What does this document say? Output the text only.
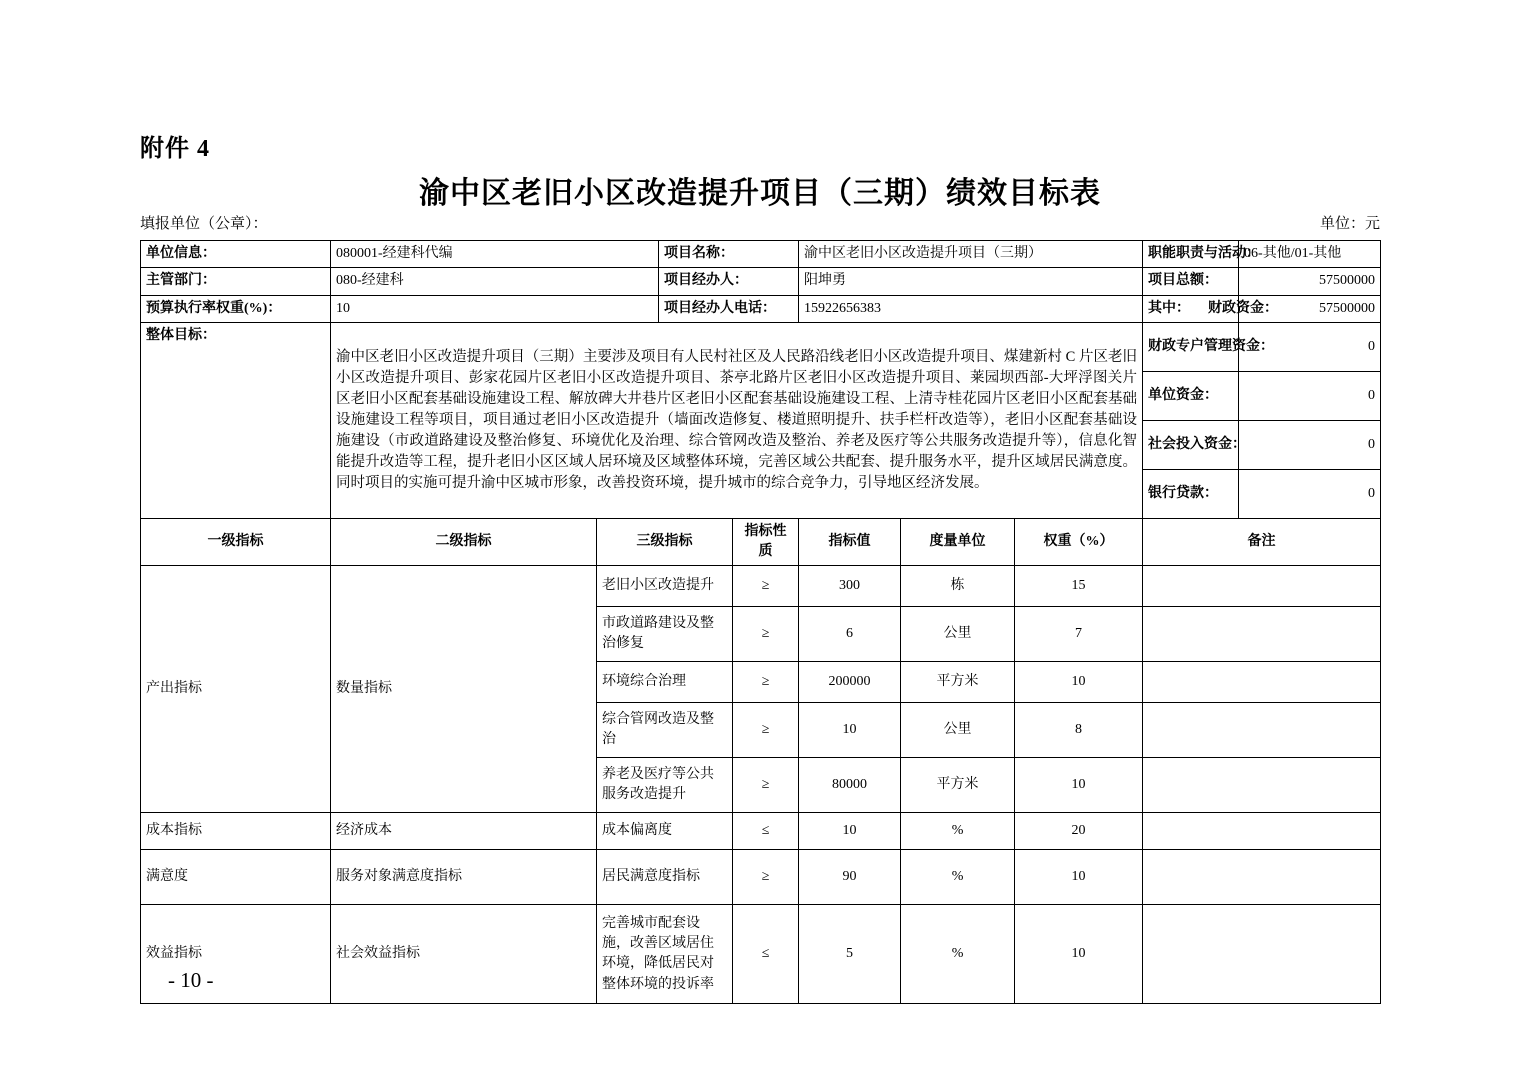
附件 4
渝中区老旧小区改造提升项目（三期）绩效目标表
填报单位（公章）：	单位：元
单位信息：	080001-经建科代编		项目名称：		渝中区老旧小区改造提升项目（三期）			职能职责与活动：	06-其他/01-其他
主管部门：	080-经建科		项目经办人：		阳坤勇			项目总额：	57500000
预算执行率权重(%)：	10		项目经办人电话：		15922656383			其中： 财政资金：	57500000
整体目标：	渝中区老旧小区改造提升项目（三期）主要涉及项目有人民村社区及人民路沿线老旧小区改造提升项目、煤建新村 C 片区老旧小区改造提升项目、彭家花园片区老旧小区改造提升项目、茶亭北路片区老旧小区改造提升项目、莱园坝西部-大坪浮图关片区老旧小区配套基础设施建设工程、解放碑大井巷片区老旧小区配套基础设施建设工程、上清寺桂花园片区老旧小区配套基础设施建设工程等项目，项目通过老旧小区改造提升（墙面改造修复、楼道照明提升、扶手栏杆改造等），老旧小区配套基础设施建设（市政道路建设及整治修复、环境优化及治理、综合管网改造及整治、养老及医疗等公共服务改造提升等），信息化智能提升改造等工程，提升老旧小区区域人居环境及区域整体环境，完善区域公共配套、提升服务水平，提升区域居民满意度。同时项目的实施可提升渝中区城市形象，改善投资环境，提升城市的综合竞争力，引导地区经济发展。							财政专户管理资金：	0
								单位资金：	0
								社会投入资金：	0
								银行贷款：	0
一级指标	二级指标	三级指标		指标性质	指标值	度量单位	权重（%）	备注	
产出指标	数量指标	老旧小区改造提升		≥	300	栋	15		
		市政道路建设及整治修复		≥	6	公里	7		
		环境综合治理		≥	200000	平方米	10		
		综合管网改造及整治		≥	10	公里	8		
		养老及医疗等公共服务改造提升		≥	80000	平方米	10		
成本指标	经济成本	成本偏离度		≤	10	%	20		
满意度	服务对象满意度指标	居民满意度指标		≥	90	%	10		
效益指标	社会效益指标	完善城市配套设施，改善区域居住环境，降低居民对整体环境的投诉率		≤	5	%	10		
- 10 -
